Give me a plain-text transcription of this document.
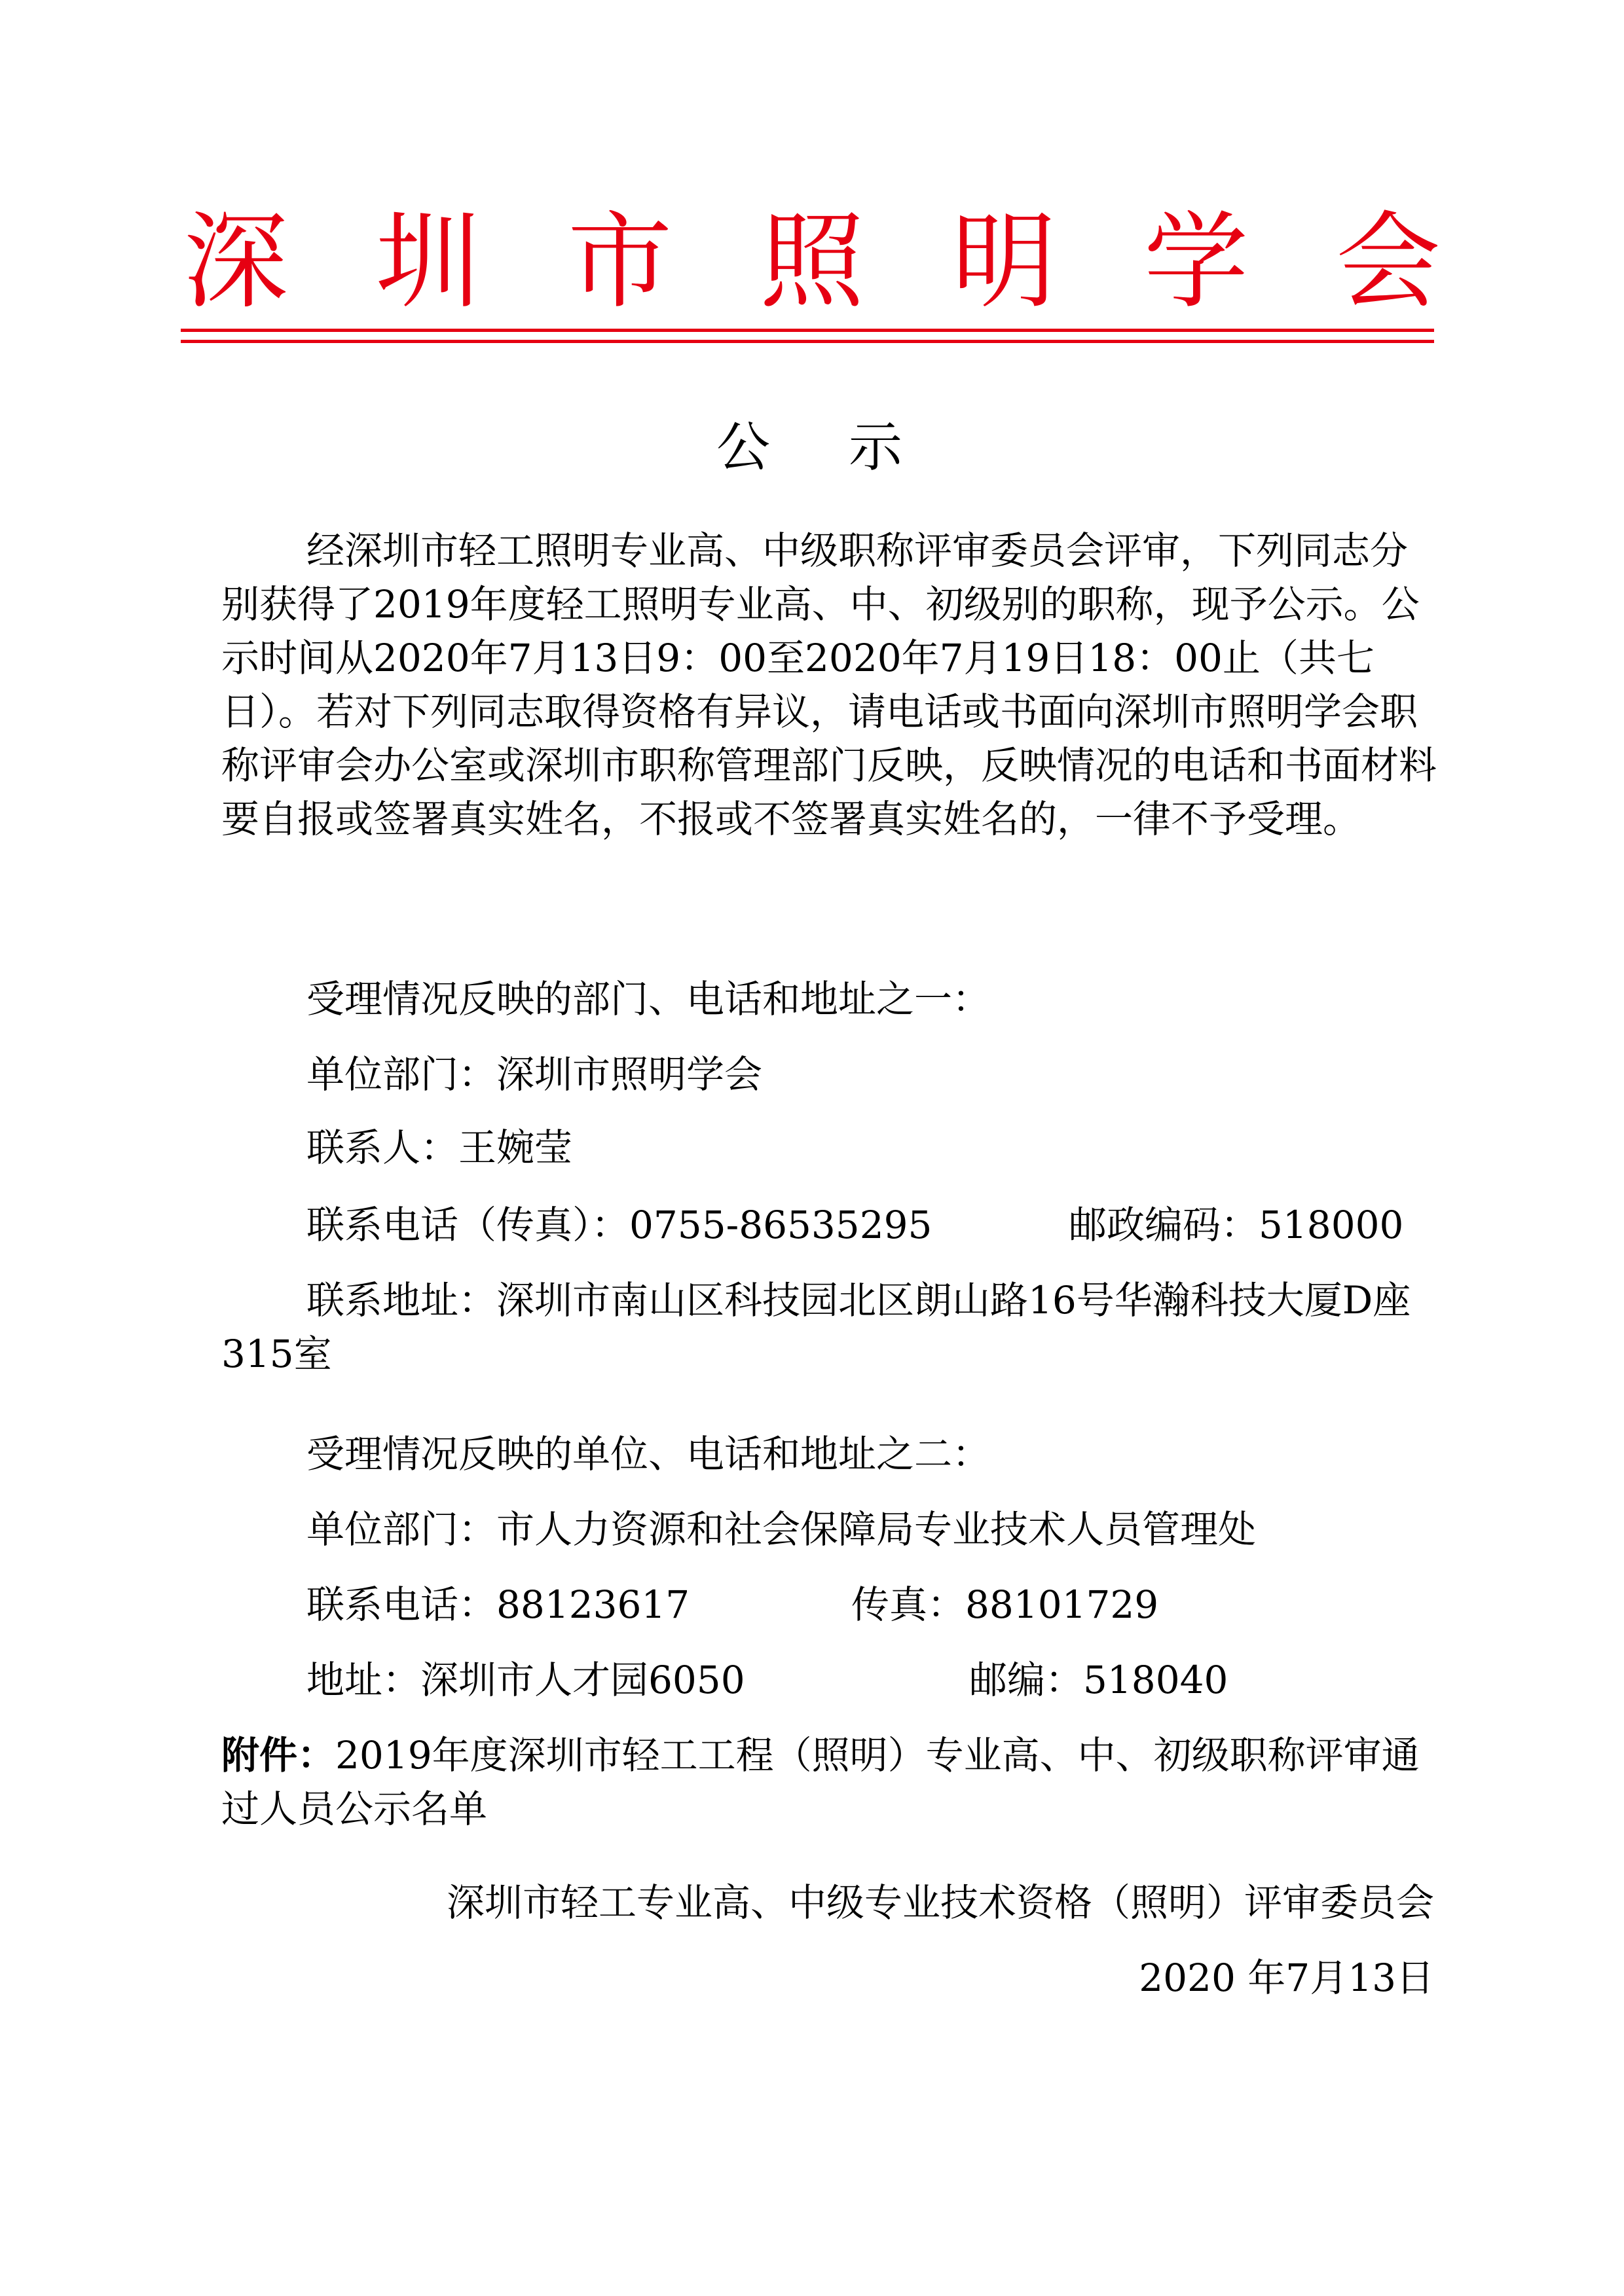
深 圳 市 照 明 学 会
公示
经深圳市轻工照明专业高、中级职称评审委员会评审，下列同志分别获得了2019年度轻工照明专业高、中、初级别的职称，现予公示。公示时间从2020年7月13日9：00至2020年7月19日18：00止（共七日）。若对下列同志取得资格有异议，请电话或书面向深圳市照明学会职称评审会办公室或深圳市职称管理部门反映，反映情况的电话和书面材料要自报或签署真实姓名，不报或不签署真实姓名的，一律不予受理。
受理情况反映的部门、电话和地址之一：
单位部门：深圳市照明学会
联系人：王婉莹
联系电话（传真）：0755-86535295	邮政编码：518000
联系地址：深圳市南山区科技园北区朗山路16号华瀚科技大厦D座315室
受理情况反映的单位、电话和地址之二：
单位部门：市人力资源和社会保障局专业技术人员管理处
联系电话：88123617	传真：88101729
地址：深圳市人才园6050	邮编：518040
附件：2019年度深圳市轻工工程（照明）专业高、中、初级职称评审通过人员公示名单
深圳市轻工专业高、中级专业技术资格（照明）评审委员会
2020 年7月13日
